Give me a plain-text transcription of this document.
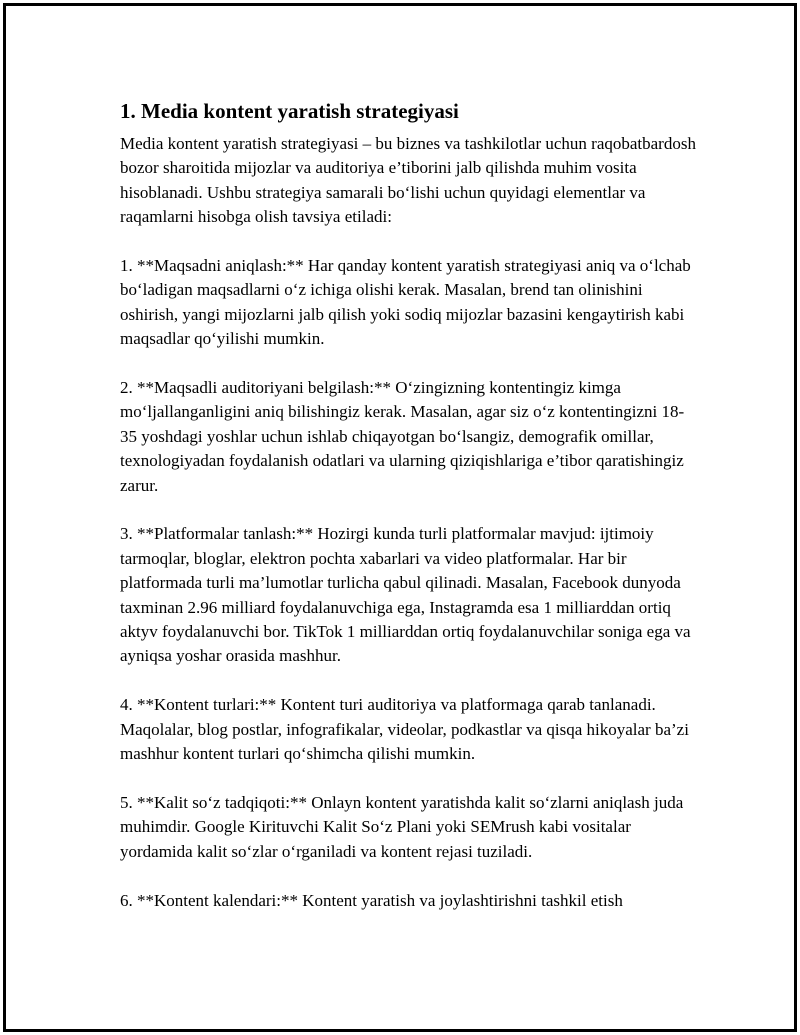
1. Media kontent yaratish strategiyasi

Media kontent yaratish strategiyasi – bu biznes va tashkilotlar uchun raqobatbardosh bozor sharoitida mijozlar va auditoriya e’tiborini jalb qilishda muhim vosita hisoblanadi. Ushbu strategiya samarali bo‘lishi uchun quyidagi elementlar va raqamlarni hisobga olish tavsiya etiladi:

1. **Maqsadni aniqlash:** Har qanday kontent yaratish strategiyasi aniq va o‘lchab bo‘ladigan maqsadlarni o‘z ichiga olishi kerak. Masalan, brend tan olinishini oshirish, yangi mijozlarni jalb qilish yoki sodiq mijozlar bazasini kengaytirish kabi maqsadlar qo‘yilishi mumkin.

2. **Maqsadli auditoriyani belgilash:** O‘zingizning kontentingiz kimga mo‘ljallanganligini aniq bilishingiz kerak. Masalan, agar siz o‘z kontentingizni 18-35 yoshdagi yoshlar uchun ishlab chiqayotgan bo‘lsangiz, demografik omillar, texnologiyadan foydalanish odatlari va ularning qiziqishlariga e’tibor qaratishingiz zarur.

3. **Platformalar tanlash:** Hozirgi kunda turli platformalar mavjud: ijtimoiy tarmoqlar, bloglar, elektron pochta xabarlari va video platformalar. Har bir platformada turli ma’lumotlar turlicha qabul qilinadi. Masalan, Facebook dunyoda taxminan 2.96 milliard foydalanuvchiga ega, Instagramda esa 1 milliarddan ortiq aktyv foydalanuvchi bor. TikTok 1 milliarddan ortiq foydalanuvchilar soniga ega va ayniqsa yoshar orasida mashhur.

4. **Kontent turlari:** Kontent turi auditoriya va platformaga qarab tanlanadi. Maqolalar, blog postlar, infografikalar, videolar, podkastlar va qisqa hikoyalar ba’zi mashhur kontent turlari qo‘shimcha qilishi mumkin.

5. **Kalit so‘z tadqiqoti:** Onlayn kontent yaratishda kalit so‘zlarni aniqlash juda muhimdir. Google Kirituvchi Kalit So‘z Plani yoki SEMrush kabi vositalar yordamida kalit so‘zlar o‘rganiladi va kontent rejasi tuziladi.

6. **Kontent kalendari:** Kontent yaratish va joylashtirishni tashkil etish
